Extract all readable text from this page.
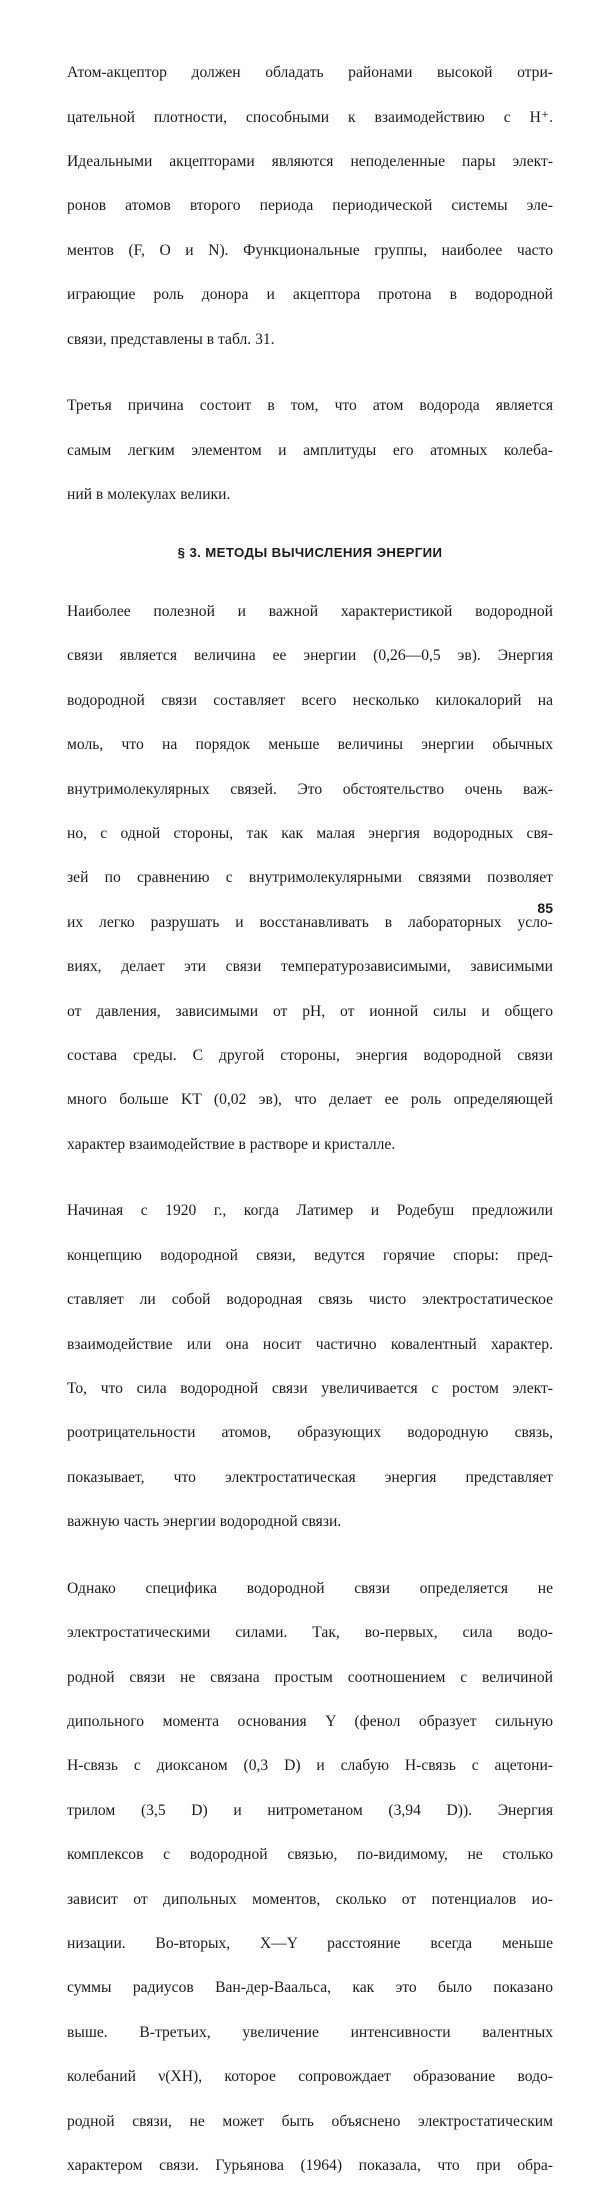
Атом-акцептор должен обладать районами высокой отри-

цательной плотности, способными к взаимодействию с H⁺.

Идеальными акцепторами являются неподеленные пары элект-

ронов атомов второго периода периодической системы эле-

ментов (F, O и N). Функциональные группы, наиболее часто

играющие роль донора и акцептора протона в водородной

связи, представлены в табл. 31.

Третья причина состоит в том, что атом водорода является

самым легким элементом и амплитуды его атомных колеба-

ний в молекулах велики.

§ 3. МЕТОДЫ ВЫЧИСЛЕНИЯ ЭНЕРГИИ

Наиболее полезной и важной характеристикой водородной

связи является величина ее энергии (0,26—0,5 эв). Энергия

водородной связи составляет всего несколько килокалорий на

моль, что на порядок меньше величины энергии обычных

внутримолекулярных связей. Это обстоятельство очень важ-

но, с одной стороны, так как малая энергия водородных свя-

зей по сравнению с внутримолекулярными связями позволяет

их легко разрушать и восстанавливать в лабораторных усло-

виях, делает эти связи температурозависимыми, зависимыми

от давления, зависимыми от pH, от ионной силы и общего

состава среды. С другой стороны, энергия водородной связи

много больше KT (0,02 эв), что делает ее роль определяющей

характер взаимодействие в растворе и кристалле.

Начиная с 1920 г., когда Латимер и Родебуш предложили

концепцию водородной связи, ведутся горячие споры: пред-

ставляет ли собой водородная связь чисто электростатическое

взаимодействие или она носит частично ковалентный характер.

То, что сила водородной связи увеличивается с ростом элект-

роотрицательности атомов, образующих водородную связь,

показывает, что электростатическая энергия представляет

важную часть энергии водородной связи.

Однако специфика водородной связи определяется не

электростатическими силами. Так, во-первых, сила водо-

родной связи не связана простым соотношением с величиной

дипольного момента основания Y (фенол образует сильную

H-связь с диоксаном (0,3 D) и слабую H-связь с ацетони-

трилом (3,5 D) и нитрометаном (3,94 D)). Энергия

комплексов с водородной связью, по-видимому, не столько

зависит от дипольных моментов, сколько от потенциалов ио-

низации. Во-вторых, X—Y расстояние всегда меньше

суммы радиусов Ван-дер-Ваальса, как это было показано

выше. В-третьих, увеличение интенсивности валентных

колебаний ν(XH), которое сопровождает образование водо-

родной связи, не может быть объяснено электростатическим

характером связи. Гурьянова (1964) показала, что при обра-

85
